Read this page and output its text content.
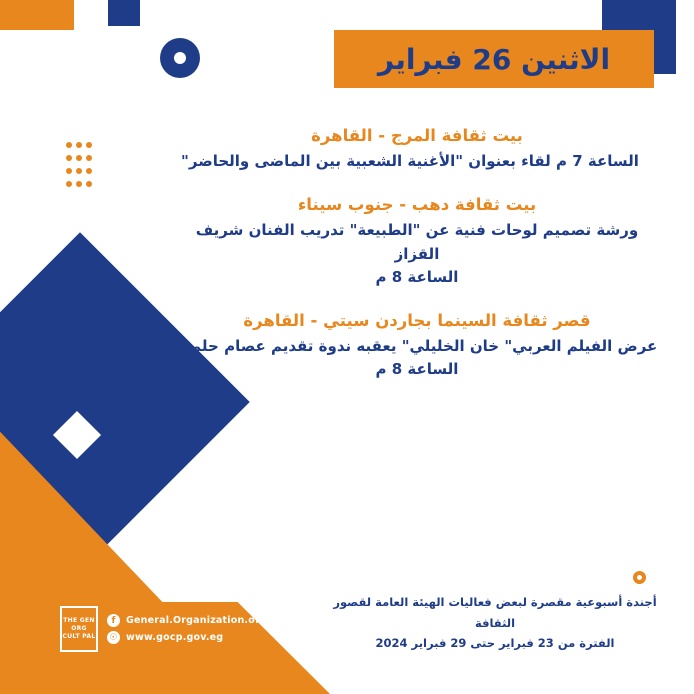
الاثنين 26 فبراير
بيت ثقافة المرج - القاهرة
الساعة 7 م لقاء بعنوان "الأغنية الشعبية بين الماضى والحاضر"
بيت ثقافة دهب - جنوب سيناء
ورشة تصميم لوحات فنية عن "الطبيعة" تدريب الفنان شريف القزاز
الساعة 8 م
قصر ثقافة السينما بجاردن سيتي - القاهرة
عرض الفيلم العربي" خان الخليلي" يعقبه ندوة تقديم عصام حلمي
الساعة 8 م
أجندة أسبوعية مقصرة لبعض فعاليات الهيئة العامة لقصور الثقافة
الفترة من 23 فبراير حتى 29 فبراير 2024
THE GEN ORG CULT PAL
f	General.Organization.of.Culture.Palaces
☉ www.gocp.gov.eg
